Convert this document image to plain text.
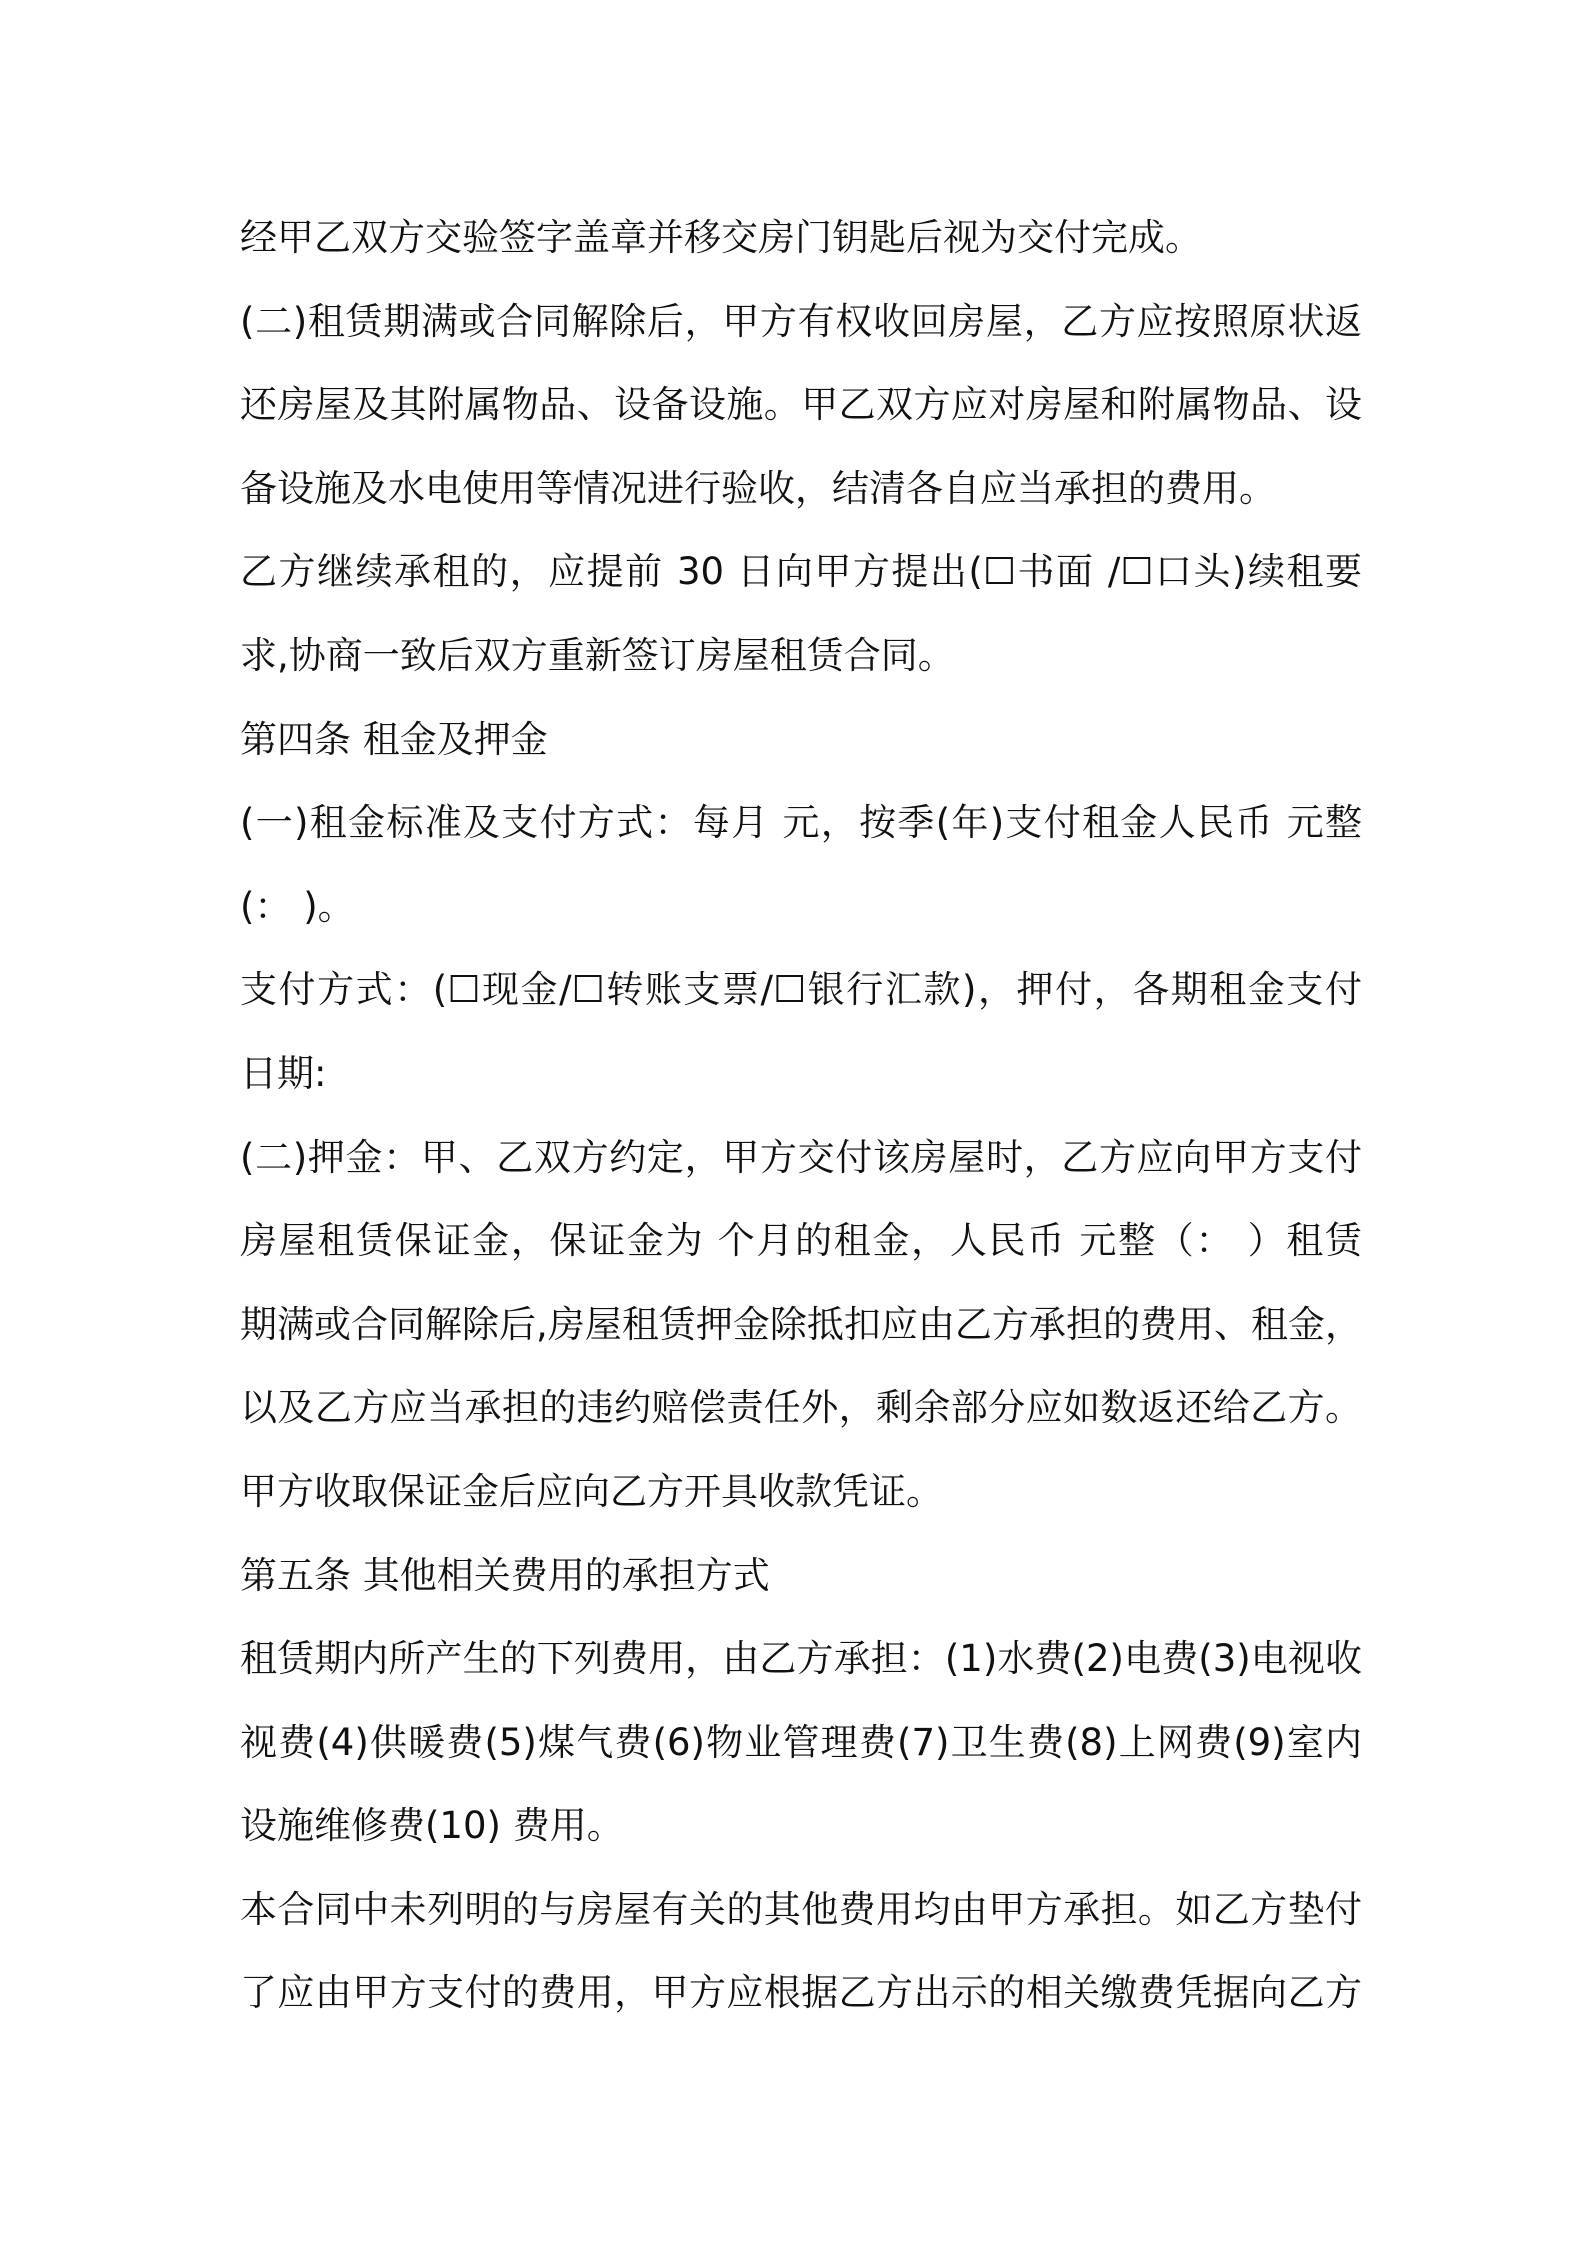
经甲乙双方交验签字盖章并移交房门钥匙后视为交付完成。
(二)租赁期满或合同解除后，甲方有权收回房屋，乙方应按照原状返
还房屋及其附属物品、设备设施。甲乙双方应对房屋和附属物品、设
备设施及水电使用等情况进行验收，结清各自应当承担的费用。
乙方继续承租的，应提前 30 日向甲方提出(☐书面 /☐口头)续租要
求,协商一致后双方重新签订房屋租赁合同。
第四条 租金及押金
(一)租金标准及支付方式：每月 元，按季(年)支付租金人民币 元整
(： )。
支付方式：(☐现金/☐转账支票/☐银行汇款)，押付，各期租金支付
日期:
(二)押金：甲、乙双方约定，甲方交付该房屋时，乙方应向甲方支付
房屋租赁保证金，保证金为 个月的租金，人民币 元整（： ）租赁
期满或合同解除后,房屋租赁押金除抵扣应由乙方承担的费用、租金，
以及乙方应当承担的违约赔偿责任外，剩余部分应如数返还给乙方。
甲方收取保证金后应向乙方开具收款凭证。
第五条 其他相关费用的承担方式
租赁期内所产生的下列费用，由乙方承担：(1)水费(2)电费(3)电视收
视费(4)供暖费(5)煤气费(6)物业管理费(7)卫生费(8)上网费(9)室内
设施维修费(10) 费用。
本合同中未列明的与房屋有关的其他费用均由甲方承担。如乙方垫付
了应由甲方支付的费用，甲方应根据乙方出示的相关缴费凭据向乙方
